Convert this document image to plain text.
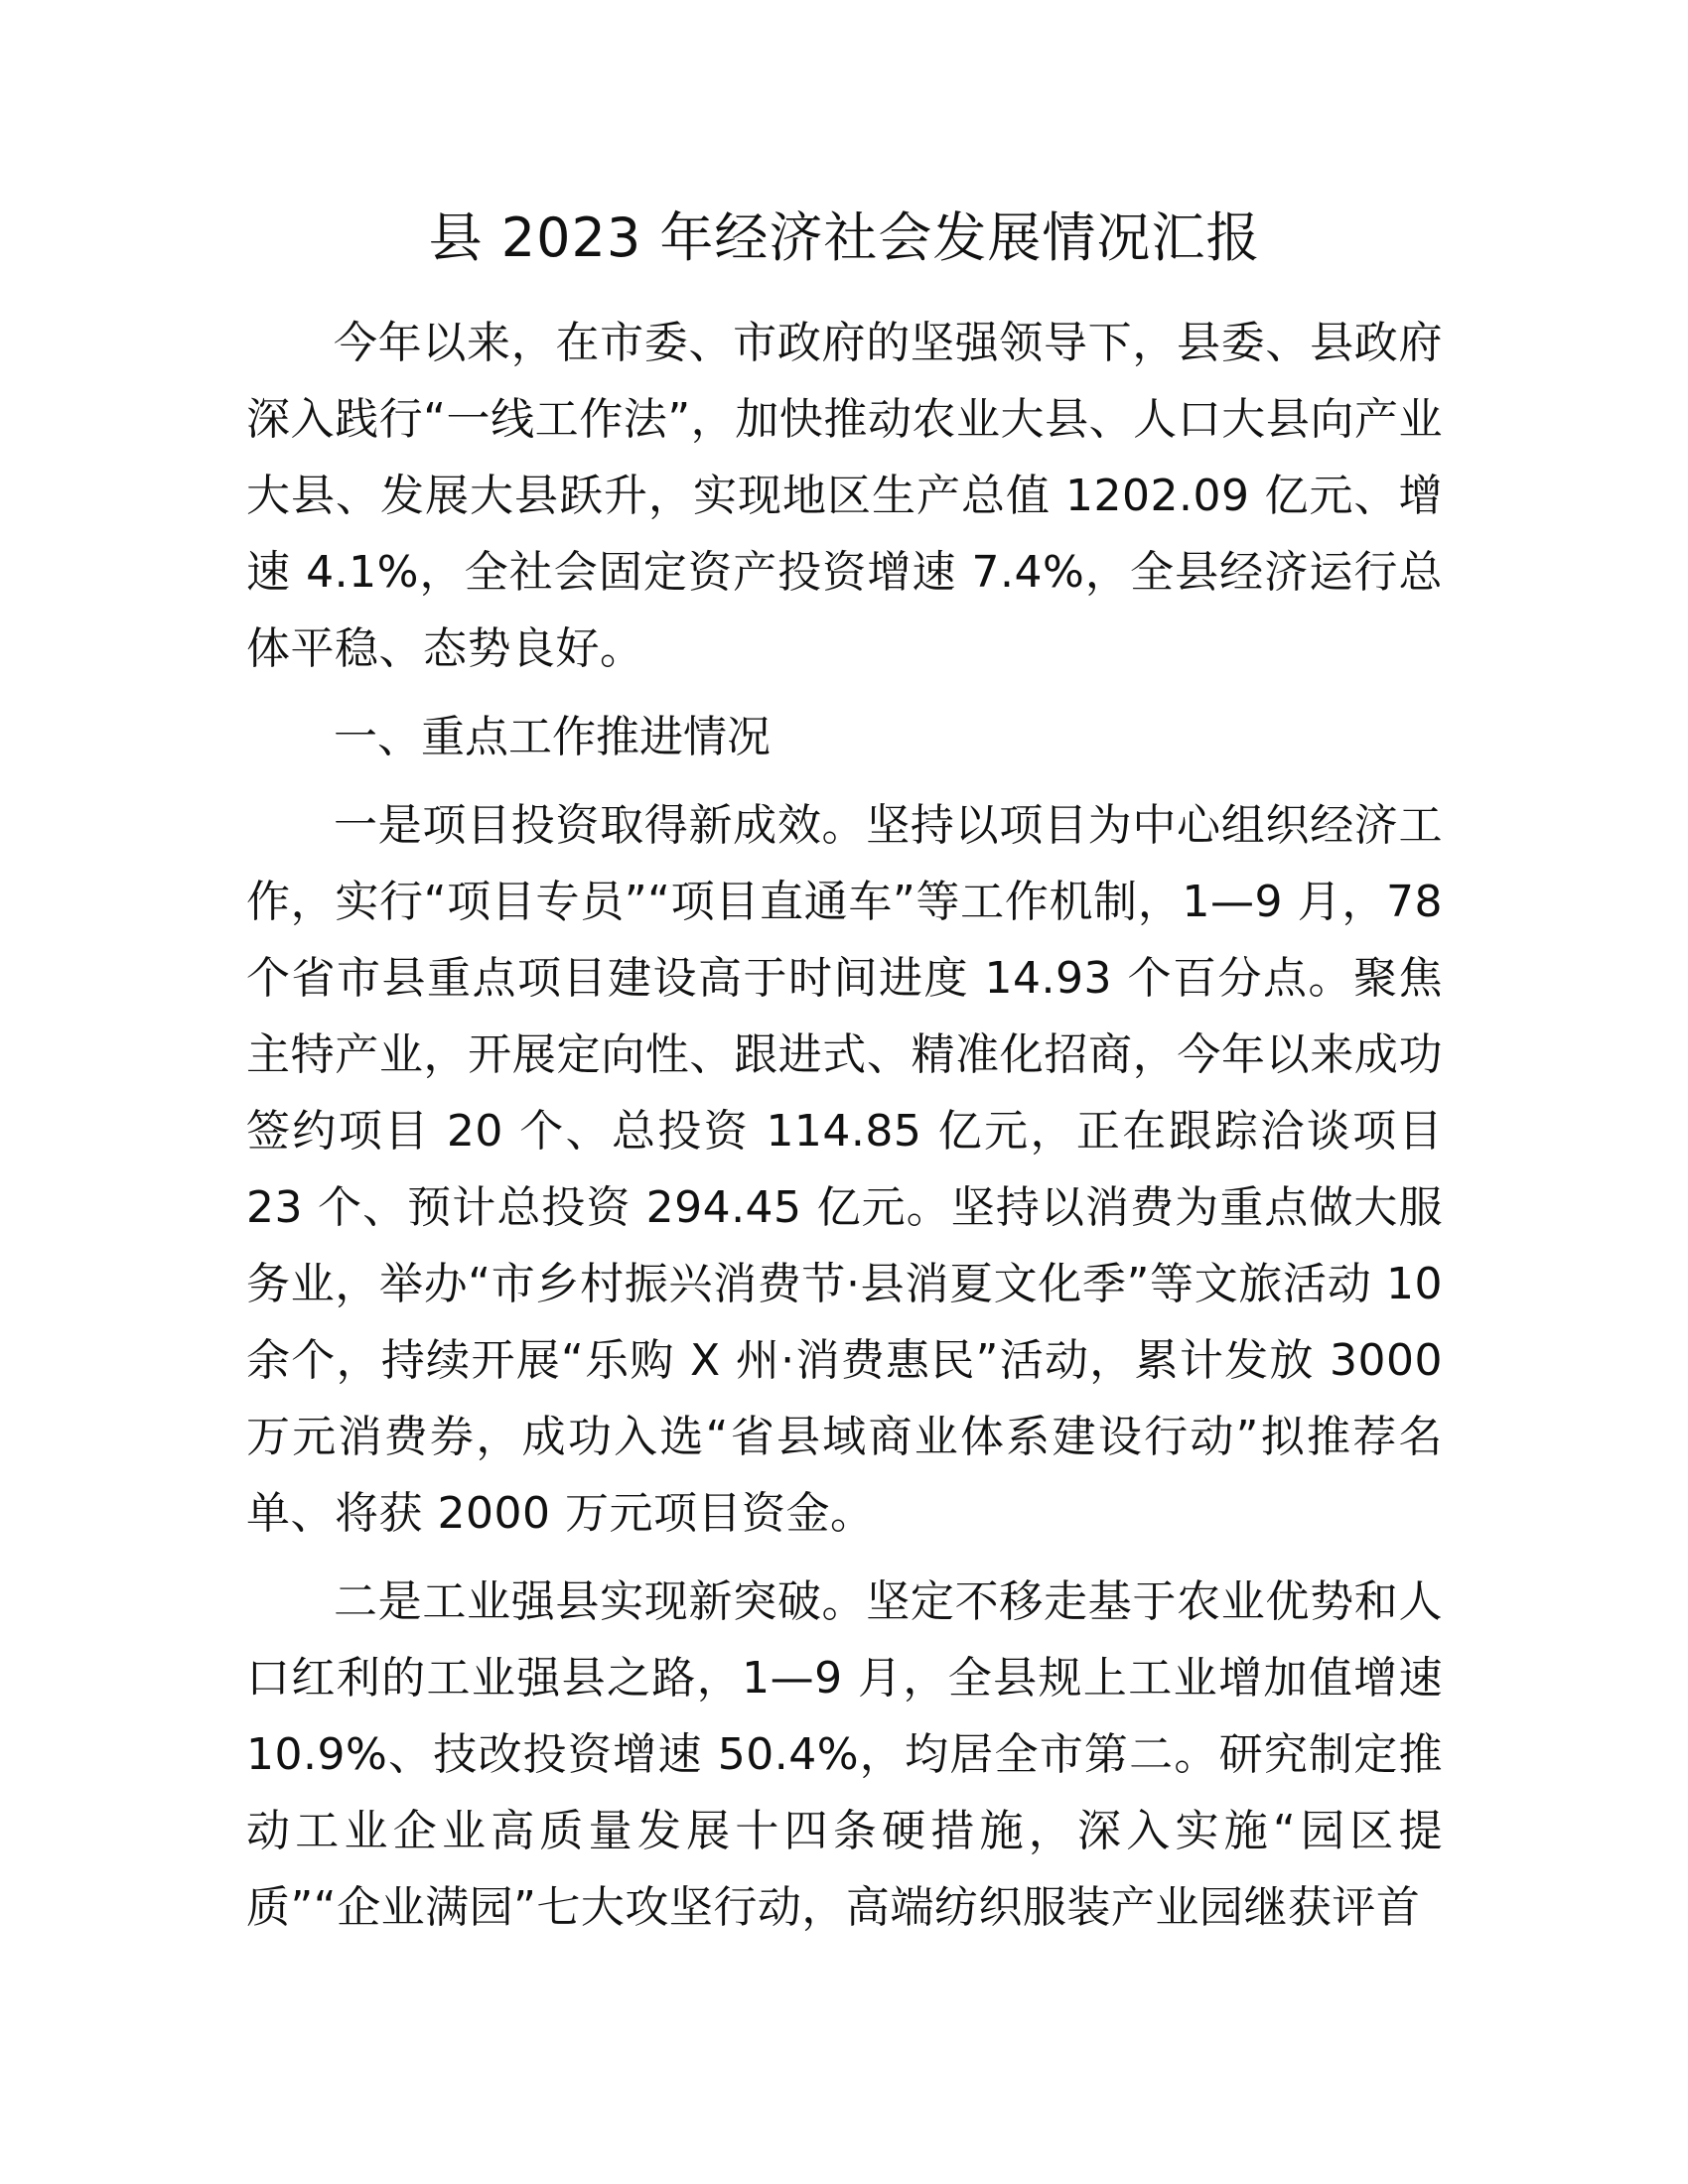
县 2023 年经济社会发展情况汇报

今年以来，在市委、市政府的坚强领导下，县委、县政府深入践行“一线工作法”，加快推动农业大县、人口大县向产业大县、发展大县跃升，实现地区生产总值 1202.09 亿元、增速 4.1%，全社会固定资产投资增速 7.4%，全县经济运行总体平稳、态势良好。

一、重点工作推进情况

一是项目投资取得新成效。坚持以项目为中心组织经济工作，实行“项目专员”“项目直通车”等工作机制，1—9 月，78 个省市县重点项目建设高于时间进度 14.93 个百分点。聚焦主特产业，开展定向性、跟进式、精准化招商，今年以来成功签约项目 20 个、总投资 114.85 亿元，正在跟踪洽谈项目 23 个、预计总投资 294.45 亿元。坚持以消费为重点做大服务业，举办“市乡村振兴消费节·县消夏文化季”等文旅活动 10 余个，持续开展“乐购 X 州·消费惠民”活动，累计发放 3000 万元消费券，成功入选“省县域商业体系建设行动”拟推荐名单、将获 2000 万元项目资金。

二是工业强县实现新突破。坚定不移走基于农业优势和人口红利的工业强县之路，1—9 月，全县规上工业增加值增速 10.9%、技改投资增速 50.4%，均居全市第二。研究制定推动工业企业高质量发展十四条硬措施，深入实施“园区提质”“企业满园”七大攻坚行动，高端纺织服装产业园继获评首
